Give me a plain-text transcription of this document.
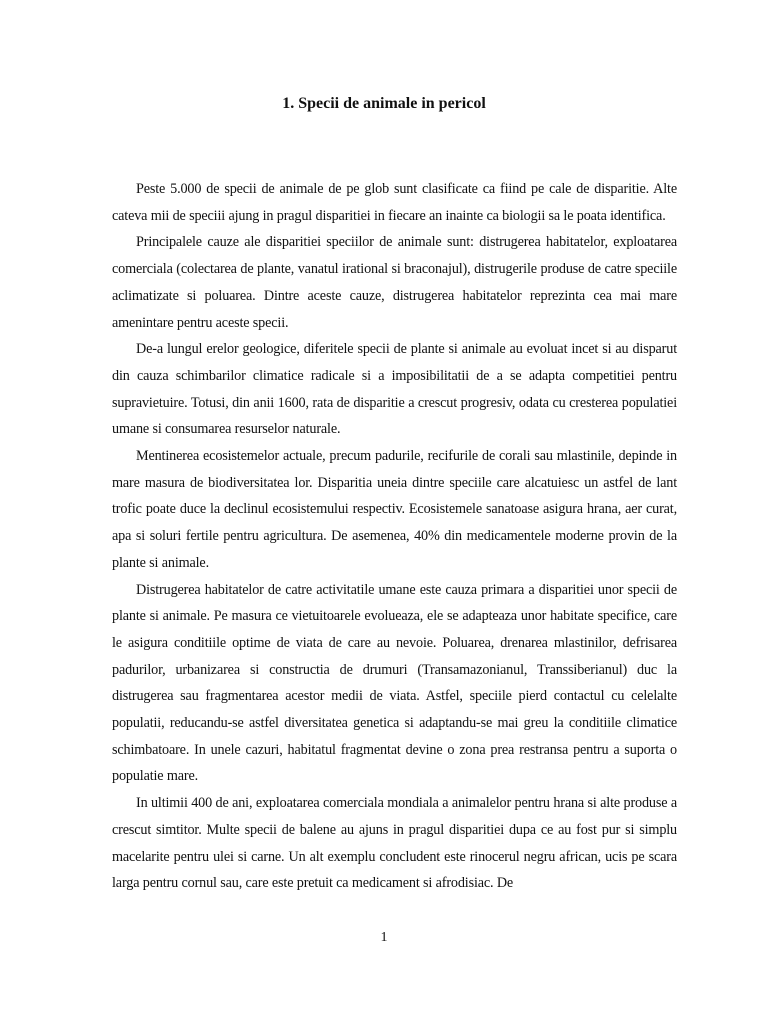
1. Specii de animale in pericol

Peste 5.000 de specii de animale de pe glob sunt clasificate ca fiind pe cale de disparitie. Alte cateva mii de speciii ajung in pragul disparitiei in fiecare an inainte ca biologii sa le poata identifica.

Principalele cauze ale disparitiei speciilor de animale sunt: distrugerea habitatelor, exploatarea comerciala (colectarea de plante, vanatul irational si braconajul), distrugerile produse de catre speciile aclimatizate si poluarea. Dintre aceste cauze, distrugerea habitatelor reprezinta cea mai mare amenintare pentru aceste specii.

De-a lungul erelor geologice, diferitele specii de plante si animale au evoluat incet si au disparut din cauza schimbarilor climatice radicale si a imposibilitatii de a se adapta competitiei pentru supravietuire. Totusi, din anii 1600, rata de disparitie a crescut progresiv, odata cu cresterea populatiei umane si consumarea resurselor naturale.

Mentinerea ecosistemelor actuale, precum padurile, recifurile de corali sau mlastinile, depinde in mare masura de biodiversitatea lor. Disparitia uneia dintre speciile care alcatuiesc un astfel de lant trofic poate duce la declinul ecosistemului respectiv. Ecosistemele sanatoase asigura hrana, aer curat, apa si soluri fertile pentru agricultura. De asemenea, 40% din medicamentele moderne provin de la plante si animale.

Distrugerea habitatelor de catre activitatile umane este cauza primara a disparitiei unor specii de plante si animale. Pe masura ce vietuitoarele evolueaza, ele se adapteaza unor habitate specifice, care le asigura conditiile optime de viata de care au nevoie. Poluarea, drenarea mlastinilor, defrisarea padurilor, urbanizarea si constructia de drumuri (Transamazonianul, Transsiberianul) duc la distrugerea sau fragmentarea acestor medii de viata. Astfel, speciile pierd contactul cu celelalte populatii, reducandu-se astfel diversitatea genetica si adaptandu-se mai greu la conditiile climatice schimbatoare. In unele cazuri, habitatul fragmentat devine o zona prea restransa pentru a suporta o populatie mare.

In ultimii 400 de ani, exploatarea comerciala mondiala a animalelor pentru hrana si alte produse a crescut simtitor. Multe specii de balene au ajuns in pragul disparitiei dupa ce au fost pur si simplu macelarite pentru ulei si carne. Un alt exemplu concludent este rinocerul negru african, ucis pe scara larga pentru cornul sau, care este pretuit ca medicament si afrodisiac. De

1
